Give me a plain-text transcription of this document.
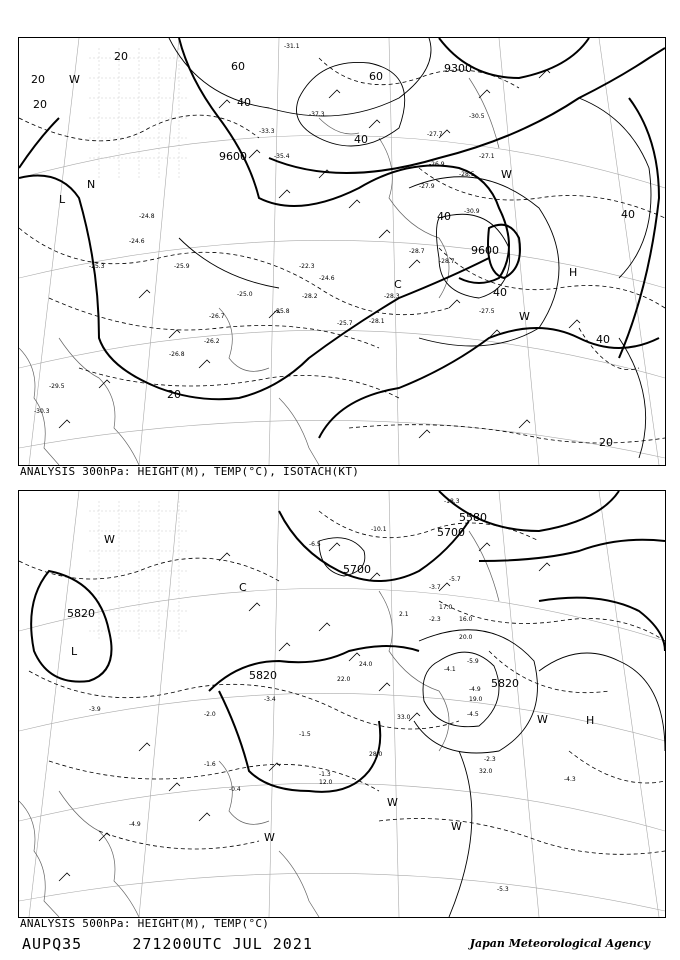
9600
9600
9300
20
20
20	40
40
40
40
40
60
60
20
20
40
L
H
W
W
W
C
N
-27.1
-26.9
-27.7
-28.5
-30.5
-30.9
-28.7
-28.3
-28.1
-27.5
-25.7
-28.2
-26.7
-25.8
-24.6
-25.0
-25.9
-25.3
-24.6
-26.2
-29.5
-30.3
-33.3
-37.3
-35.4
-31.1
-28.7
-27.9
-22.3
-26.8
-24.8
ANALYSIS 300hPa: HEIGHT(M), TEMP(°C), ISOTACH(KT)
5700
5700
5580
5820
5820
5820
L
H
W
W
W
W
W
C
-18.3
-10.1
-6.5
-5.7
-3.7
-2.3
-4.1
-5.9
-4.9
-4.5
-4.3
-5.3
-2.3
-1.3
-1.5
-3.4
-2.0
-1.6
-0.4
-4.9
-3.9
2.1
17.0
16.0
20.0
19.0
33.0
32.0
12.0
28.0
22.0
24.0
ANALYSIS 500hPa: HEIGHT(M), TEMP(°C)
AUPQ35	271200UTC JUL 2021	Japan Meteorological Agency
